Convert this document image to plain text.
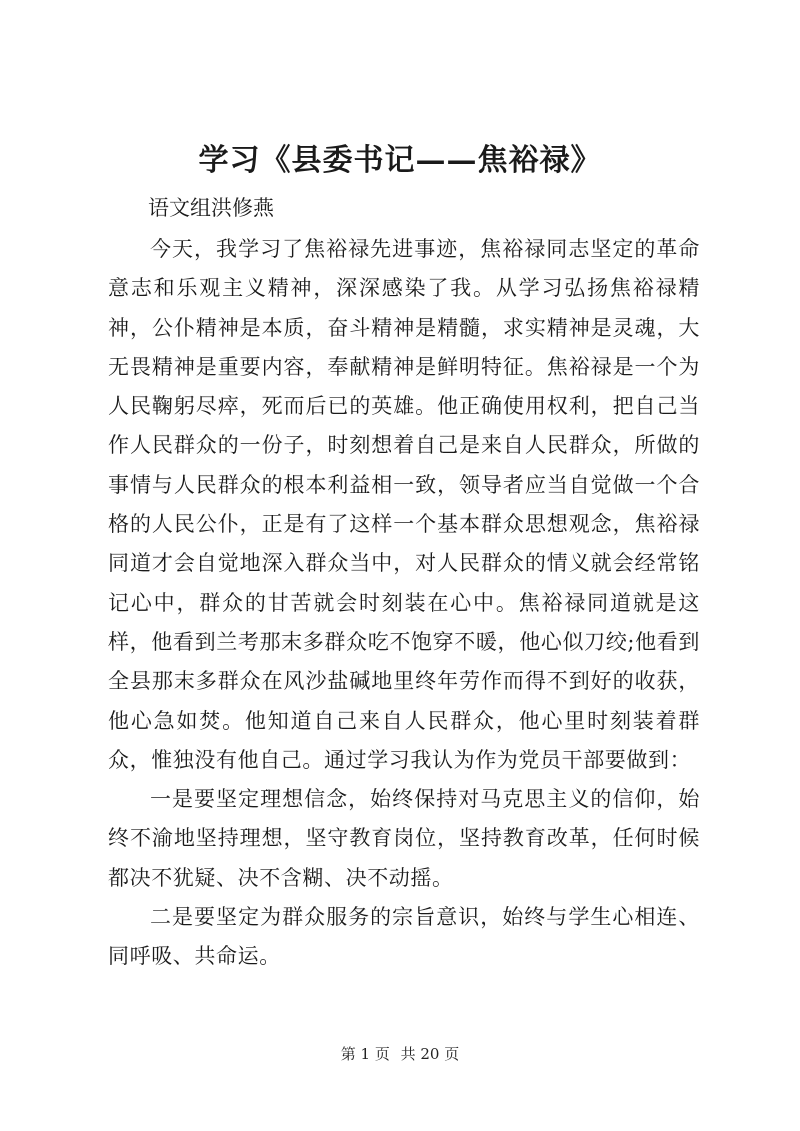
学习《县委书记——焦裕禄》
语文组洪修燕

今天，我学习了焦裕禄先进事迹，焦裕禄同志坚定的革命意志和乐观主义精神，深深感染了我。从学习弘扬焦裕禄精神，公仆精神是本质，奋斗精神是精髓，求实精神是灵魂，大无畏精神是重要内容，奉献精神是鲜明特征。焦裕禄是一个为人民鞠躬尽瘁，死而后已的英雄。他正确使用权利，把自己当作人民群众的一份子，时刻想着自己是来自人民群众，所做的事情与人民群众的根本利益相一致，领导者应当自觉做一个合格的人民公仆，正是有了这样一个基本群众思想观念，焦裕禄同道才会自觉地深入群众当中，对人民群众的情义就会经常铭记心中，群众的甘苦就会时刻装在心中。焦裕禄同道就是这样，他看到兰考那末多群众吃不饱穿不暖，他心似刀绞;他看到全县那末多群众在风沙盐碱地里终年劳作而得不到好的收获，他心急如焚。他知道自己来自人民群众，他心里时刻装着群众，惟独没有他自己。通过学习我认为作为党员干部要做到：

一是要坚定理想信念，始终保持对马克思主义的信仰，始终不渝地坚持理想，坚守教育岗位，坚持教育改革，任何时候都决不犹疑、决不含糊、决不动摇。

二是要坚定为群众服务的宗旨意识，始终与学生心相连、同呼吸、共命运。

第 1 页 共 20 页
